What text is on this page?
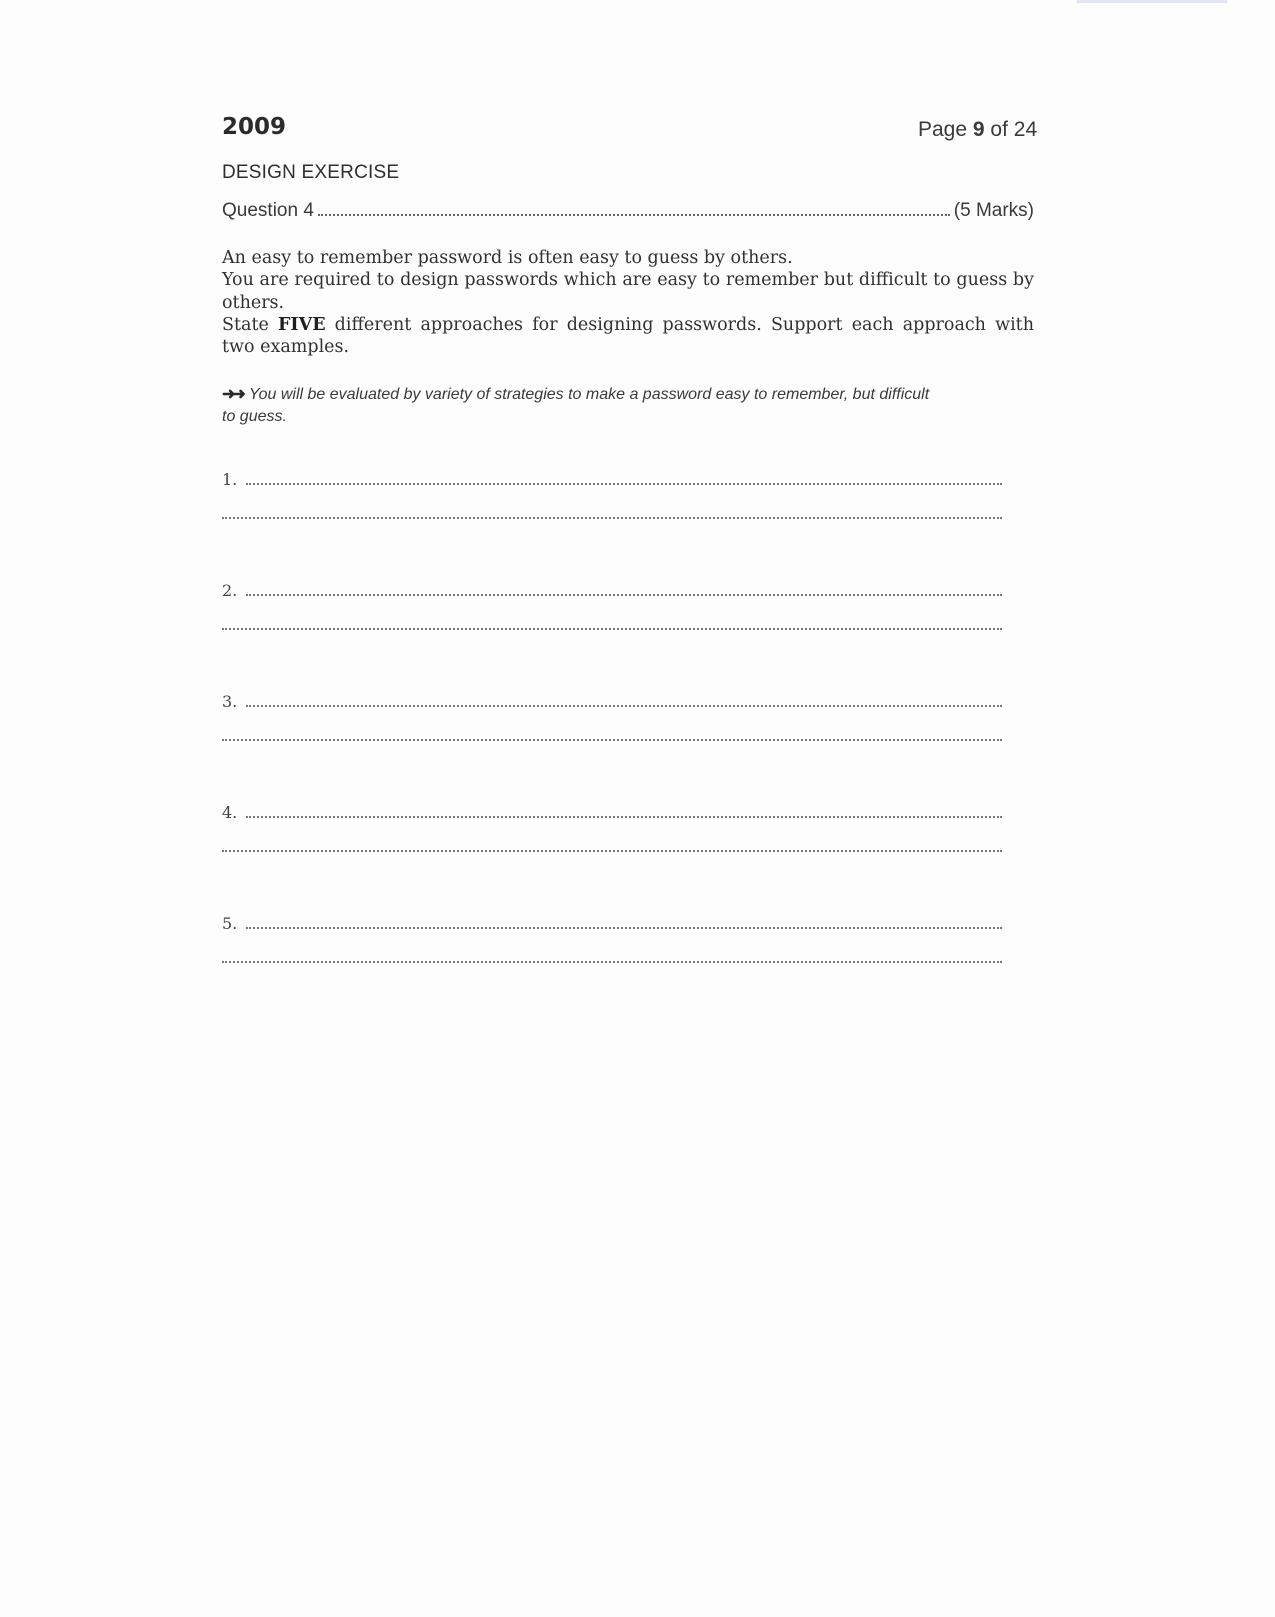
2009	Page 9 of 24
DESIGN EXERCISE
Question 4	(5 Marks)

An easy to remember password is often easy to guess by others.

You are required to design passwords which are easy to remember but difficult to guess by others.

State FIVE different approaches for designing passwords. Support each approach with two examples.

➜➜ You will be evaluated by variety of strategies to make a password easy to remember, but difficult to guess.
1.
2.
3.
4.
5.
